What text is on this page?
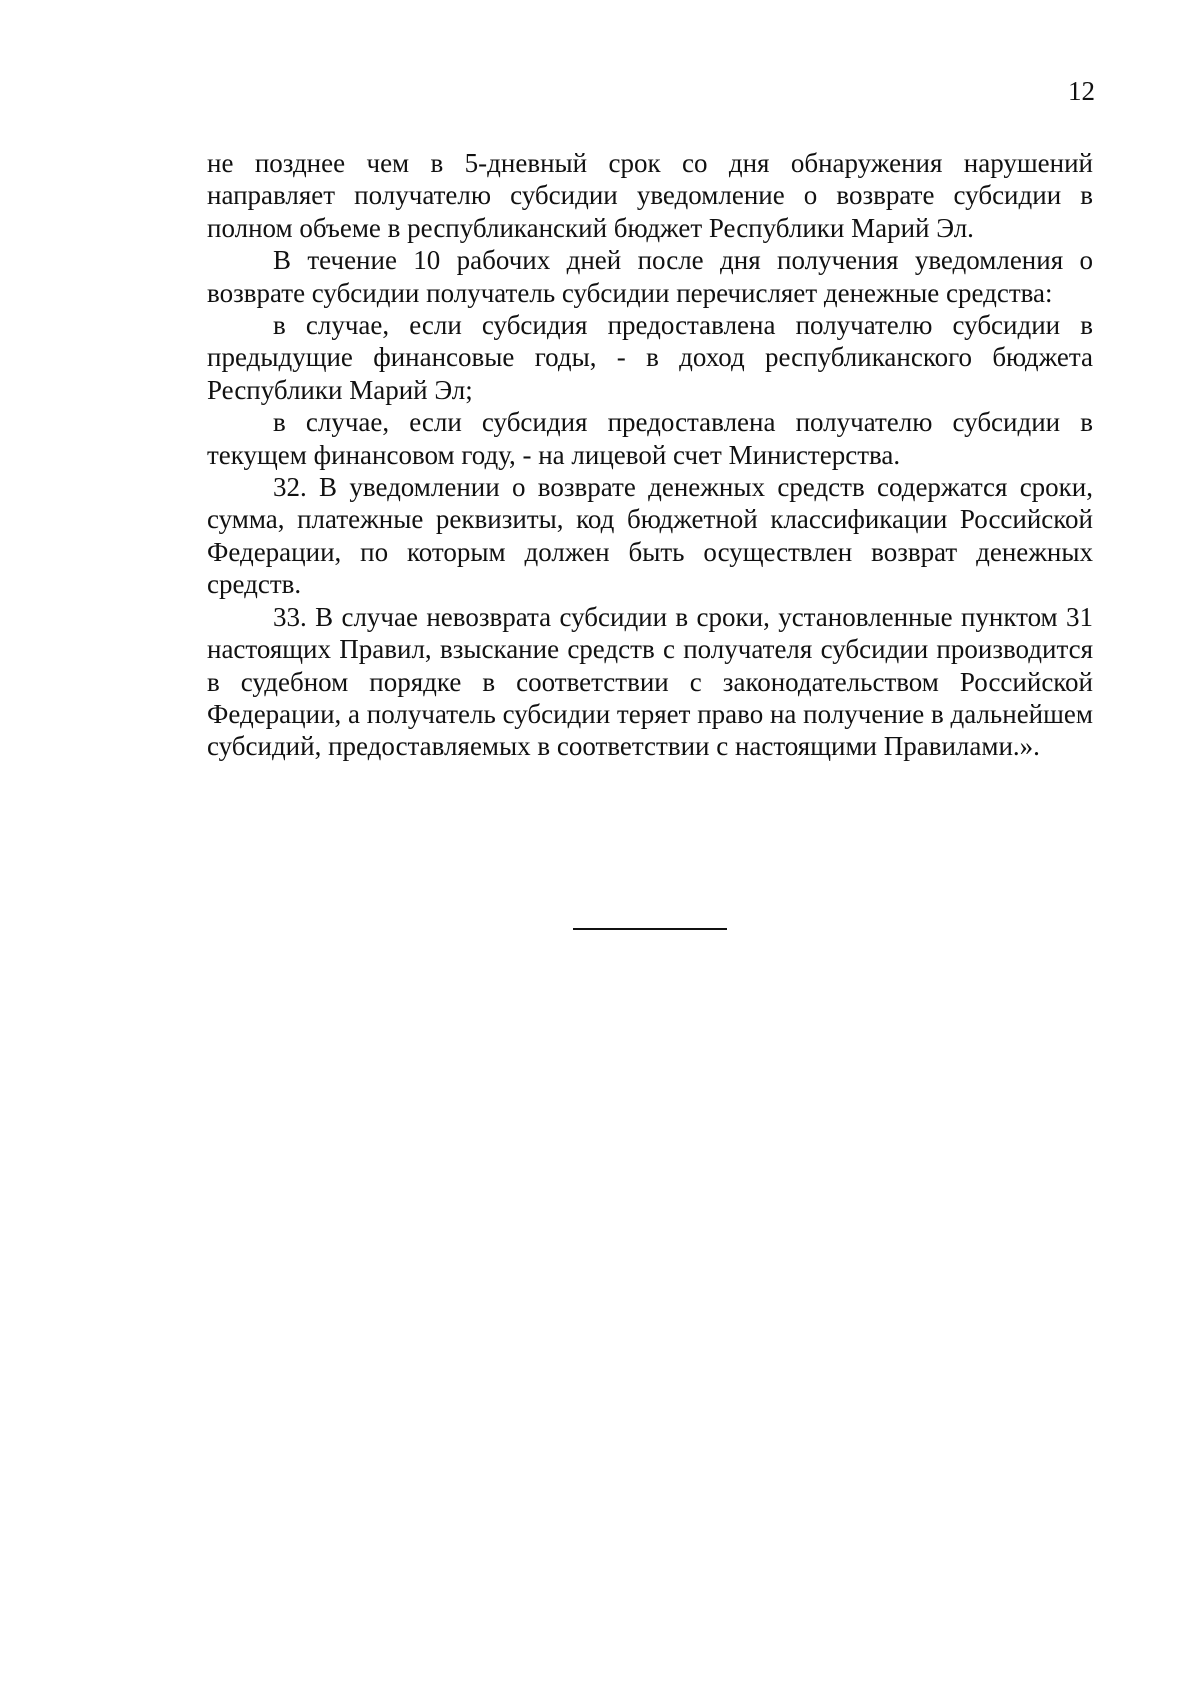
12

не позднее чем в 5-дневный срок со дня обнаружения нарушений направляет получателю субсидии уведомление о возврате субсидии в полном объеме в республиканский бюджет Республики Марий Эл.

В течение 10 рабочих дней после дня получения уведомления о возврате субсидии получатель субсидии перечисляет денежные средства:

в случае, если субсидия предоставлена получателю субсидии в предыдущие финансовые годы, - в доход республиканского бюджета Республики Марий Эл;

в случае, если субсидия предоставлена получателю субсидии в текущем финансовом году, - на лицевой счет Министерства.

32. В уведомлении о возврате денежных средств содержатся сроки, сумма, платежные реквизиты, код бюджетной классификации Российской Федерации, по которым должен быть осуществлен возврат денежных средств.

33. В случае невозврата субсидии в сроки, установленные пунктом 31 настоящих Правил, взыскание средств с получателя субсидии производится в судебном порядке в соответствии с законодательством Российской Федерации, а получатель субсидии теряет право на получение в дальнейшем субсидий, предоставляемых в соответствии с настоящими Правилами.».
